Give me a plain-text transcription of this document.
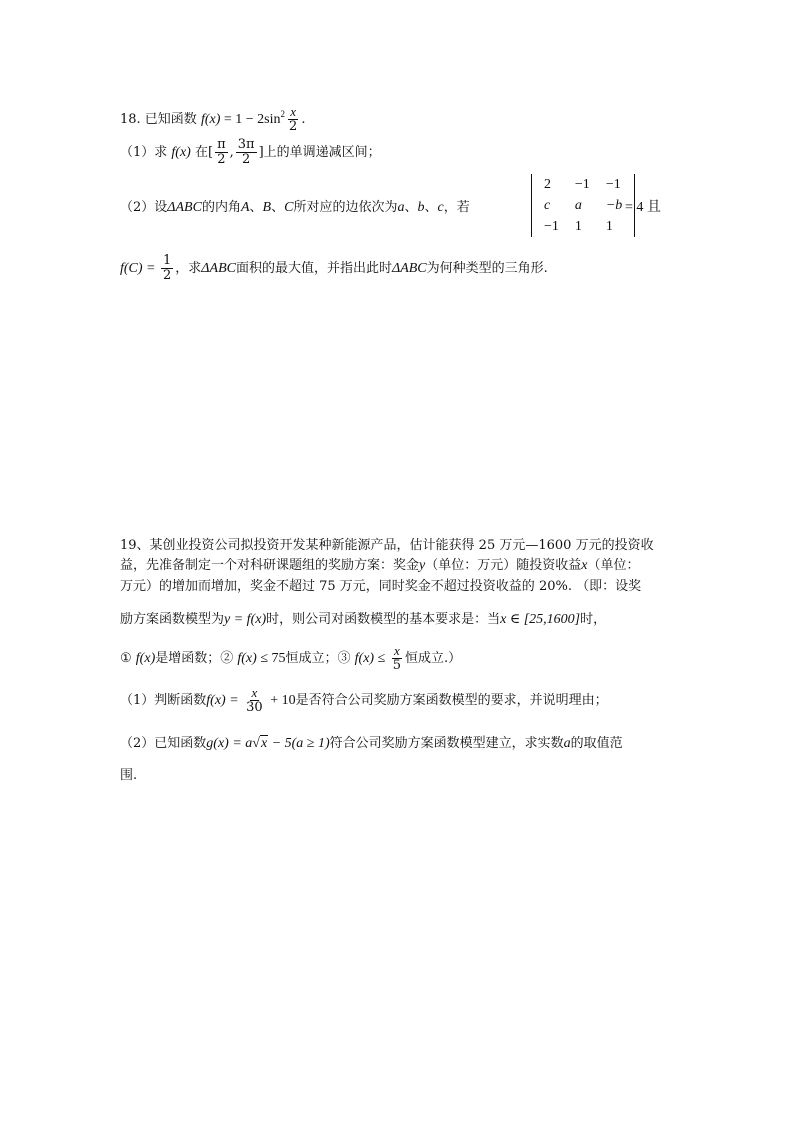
18. 已知函数 $f(x) = 1 - 2\sin^2 \frac{x}{2}$ .
（1）求 f(x) 在[ $\frac{\pi}{2}$ , $\frac{3\pi}{2}$ ]上的单调递减区间；
（2）设ΔABC的内角A、B、C所对应的边依次为a、b、c，若
2	−1	−1
c	a	−b
−1	1	1
= 4 且
$f(C) = \frac{1}{2}$ ，求ΔABC面积的最大值，并指出此时ΔABC为何种类型的三角形.
19、某创业投资公司拟投资开发某种新能源产品，估计能获得 25 万元—1600 万元的投资收
益，先准备制定一个对科研课题组的奖励方案：奖金y（单位：万元）随投资收益x（单位：
万元）的增加而增加，奖金不超过 75 万元，同时奖金不超过投资收益的 20%. （即：设奖
励方案函数模型为y = f(x)时，则公司对函数模型的基本要求是：当x ∈ [25,1600]时，
① f(x)是增函数；② f(x) ≤ 75恒成立；③ $f(x) \le \frac{x}{5}$ 恒成立.）
（1）判断函数$f(x) = \frac{x}{30} + 10$是否符合公司奖励方案函数模型的要求，并说明理由；
（2）已知函数g(x) = a√x − 5(a ≥ 1)符合公司奖励方案函数模型建立，求实数a的取值范
围.
